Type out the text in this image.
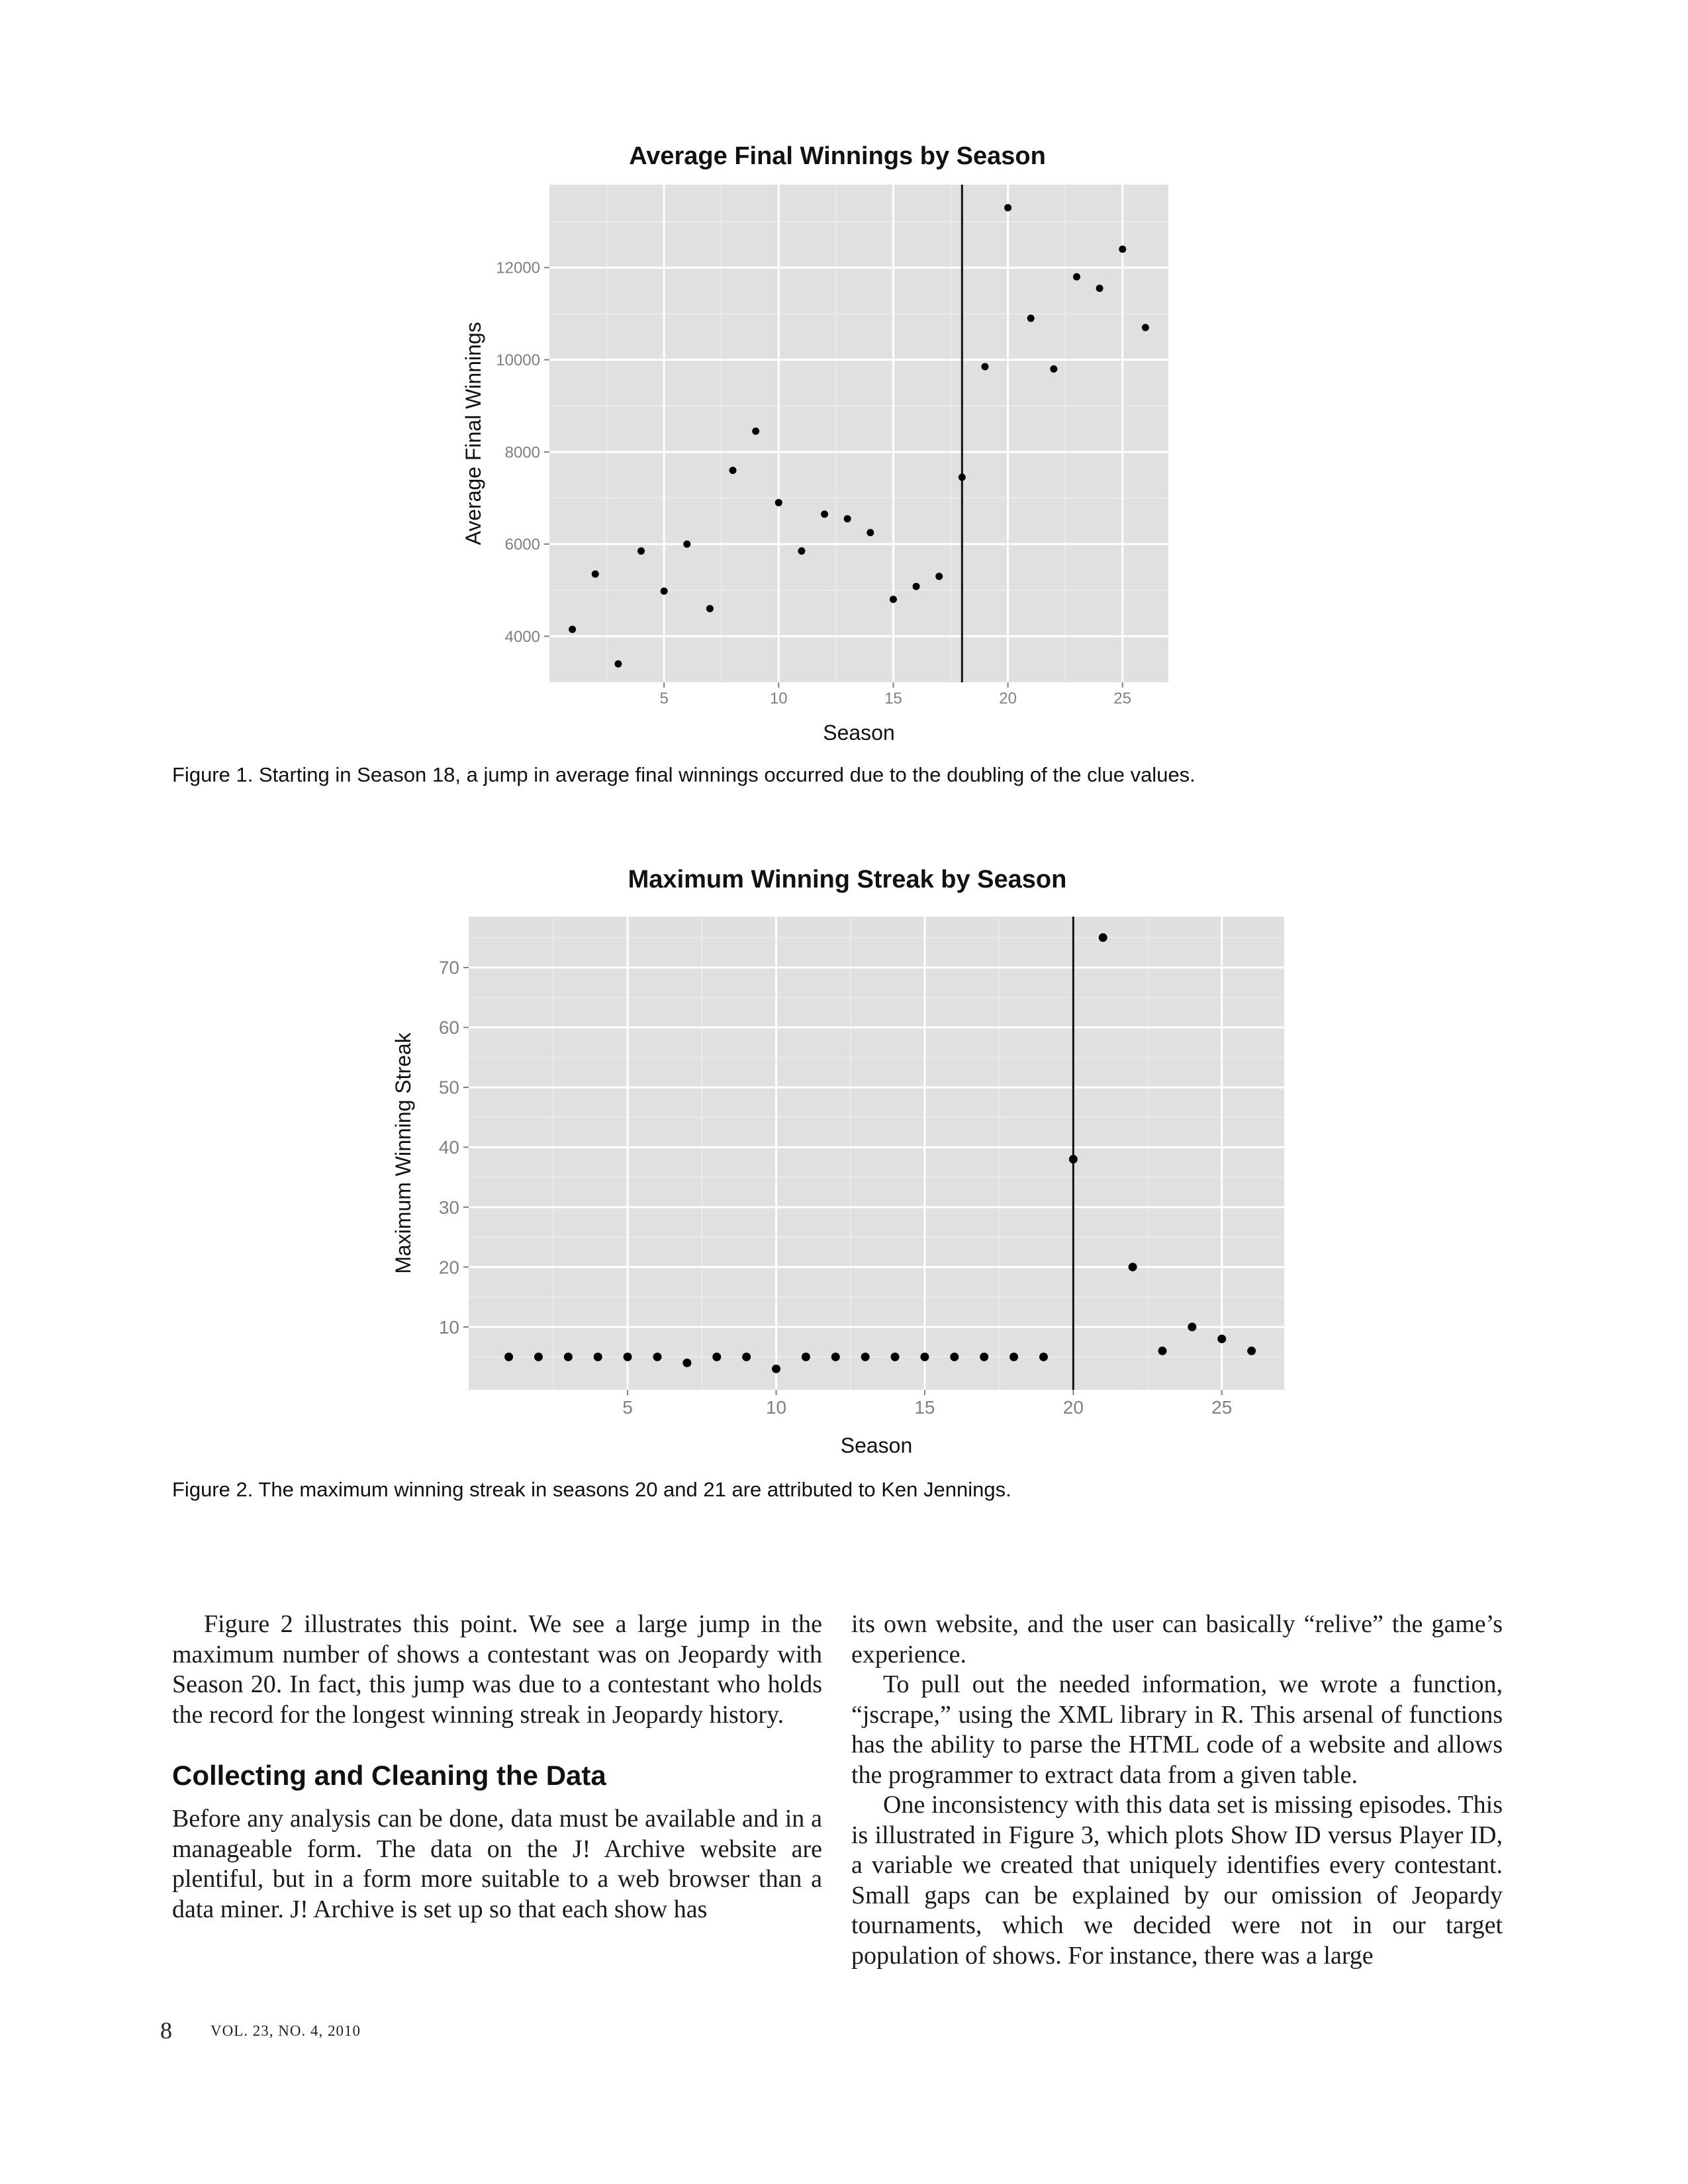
Average Final Winnings by Season
5	10	15	20	25
4000
6000
8000
10000
12000
Season
Average Final Winnings
Figure 1. Starting in Season 18, a jump in average final winnings occurred due to the doubling of the clue values.
Maximum Winning Streak by Season
5	10	15	20	25
10
20
30
40
50
60
70
Season
Maximum Winning Streak
Figure 2. The maximum winning streak in seasons 20 and 21 are attributed to Ken Jennings.

Figure 2 illustrates this point. We see a large jump in the maximum number of shows a contestant was on Jeopardy with Season 20. In fact, this jump was due to a contestant who holds the record for the longest winning streak in Jeopardy history.

Collecting and Cleaning the Data

Before any analysis can be done, data must be available and in a manageable form. The data on the J! Archive website are plentiful, but in a form more suitable to a web browser than a data miner. J! Archive is set up so that each show has

its own website, and the user can basically “relive” the game’s experience.

To pull out the needed information, we wrote a function, “jscrape,” using the XML library in R. This arsenal of functions has the ability to parse the HTML code of a website and allows the programmer to extract data from a given table.

One inconsistency with this data set is missing episodes. This is illustrated in Figure 3, which plots Show ID versus Player ID, a variable we created that uniquely identifies every contestant. Small gaps can be explained by our omission of Jeopardy tournaments, which we decided were not in our target population of shows. For instance, there was a large

8	VOL. 23, NO. 4, 2010
